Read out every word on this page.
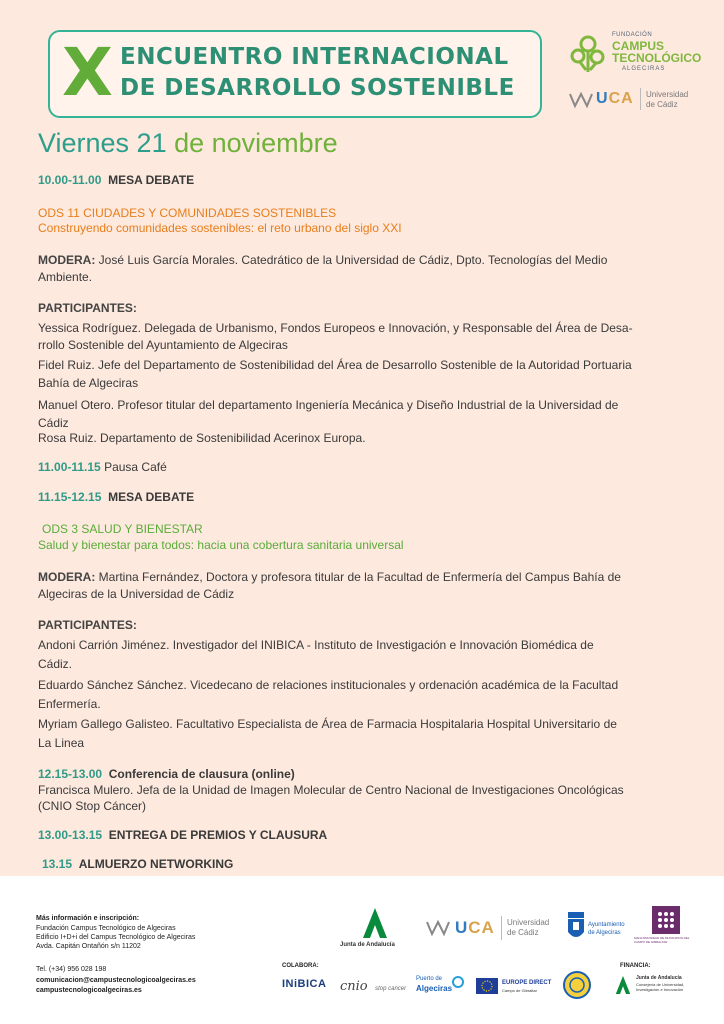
X ENCUENTRO INTERNACIONAL
DE DESARROLLO SOSTENIBLE
FUNDACIÓN
CAMPUS
TECNOLÓGICO
ALGECIRAS
UCA Universidad
de Cádiz
Viernes 21 de noviembre
10.00-11.00 MESA DEBATE
ODS 11 CIUDADES Y COMUNIDADES SOSTENIBLES
Construyendo comunidades sostenibles: el reto urbano del siglo XXI
MODERA: José Luis García Morales. Catedrático de la Universidad de Cádiz, Dpto. Tecnologías del Medio
Ambiente.
PARTICIPANTES:
Yessica Rodríguez. Delegada de Urbanismo, Fondos Europeos e Innovación, y Responsable del Área de Desa-
rrollo Sostenible del Ayuntamiento de Algeciras
Fidel Ruiz. Jefe del Departamento de Sostenibilidad del Área de Desarrollo Sostenible de la Autoridad Portuaria
Bahía de Algeciras
Manuel Otero. Profesor titular del departamento Ingeniería Mecánica y Diseño Industrial de la Universidad de
Cádiz
Rosa Ruiz. Departamento de Sostenibilidad Acerinox Europa.
11.00-11.15 Pausa Café
11.15-12.15 MESA DEBATE
ODS 3 SALUD Y BIENESTAR
Salud y bienestar para todos: hacia una cobertura sanitaria universal
MODERA: Martina Fernández, Doctora y profesora titular de la Facultad de Enfermería del Campus Bahía de
Algeciras de la Universidad de Cádiz
PARTICIPANTES:
Andoni Carrión Jiménez. Investigador del INIBICA - Instituto de Investigación e Innovación Biomédica de
Cádiz.
Eduardo Sánchez Sánchez. Vicedecano de relaciones institucionales y ordenación académica de la Facultad
Enfermería.
Myriam Gallego Galisteo. Facultativo Especialista de Área de Farmacia Hospitalaria Hospital Universitario de
La Linea
12.15-13.00 Conferencia de clausura (online)
Francisca Mulero. Jefa de la Unidad de Imagen Molecular de Centro Nacional de Investigaciones Oncológicas
(CNIO Stop Cáncer)
13.00-13.15 ENTREGA DE PREMIOS Y CLAUSURA
13.15 ALMUERZO NETWORKING
Más información e inscripción:
Fundación Campus Tecnológico de Algeciras
Edificio I+D+i del Campus Tecnológico de Algeciras
Avda. Capitán Ontañón s/n 11202
Tel. (+34) 956 028 198
comunicacion@campustecnologicoalgeciras.es
campustecnologicoalgeciras.es
Junta de Andalucía
UCA Universidad
de Cádiz
Ayuntamiento
de Algeciras
MANCOMUNIDAD DE MUNICIPIOS DEL CAMPO DE GIBRALTAR
COLABORA:	FINANCIA:
INiBICA cnio stop cancer
Puerto de
Algeciras
EUROPE DIRECT
Campo de Gibraltar
Junta de Andalucía
Consejería de Universidad,
Investigación e Innovación
